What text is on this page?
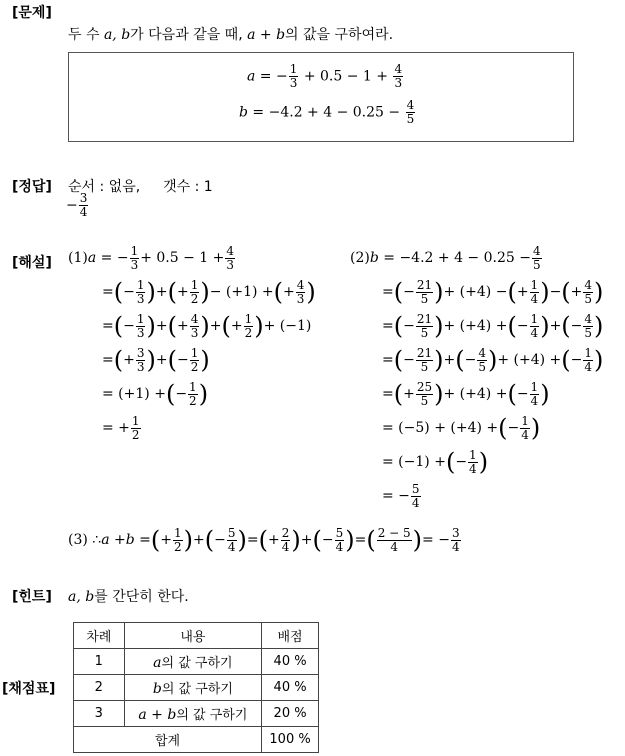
[문제]
두 수 a, b가 다음과 같을 때, a + b의 값을 구하여라.
a = − $\frac{1}{3} + 0.5 - 1 + \frac{4}{3}$
$b = -4.2 + 4 - 0.25 - \frac{4}{5}$
[정답] 순서 : 없음, 갯수 : 1
− $\frac{3}{4}$
[해설] (1) a = − $\frac{1}{3} + 0.5 - 1 + \frac{4}{3}$
= ( − $\frac{1}{3}$ ) + ( + $\frac{1}{2}$ ) − (+1) + ( + $\frac{4}{3}$ )
= ( − $\frac{1}{3}$ ) + ( + $\frac{4}{3}$ ) + ( + $\frac{1}{2}$ ) + (−1)
= ( + $\frac{3}{3}$ ) + ( − $\frac{1}{2}$ )
= (+1) + ( − $\frac{1}{2}$ )
= + $\frac{1}{2}$
(2) $b = -4.2 + 4 - 0.25 - \frac{4}{5}$
= ( − $\frac{21}{5}$ ) + (+4) − ( + $\frac{1}{4}$ ) − ( + $\frac{4}{5}$ )
= ( − $\frac{21}{5}$ ) + (+4) + ( − $\frac{1}{4}$ ) + ( − $\frac{4}{5}$ )
= ( − $\frac{21}{5}$ ) + ( − $\frac{4}{5}$ ) + (+4) + ( − $\frac{1}{4}$ )
= ( + $\frac{25}{5}$ ) + (+4) + ( − $\frac{1}{4}$ )
= (−5) + (+4) + ( − $\frac{1}{4}$ )
= (−1) + ( − $\frac{1}{4}$ )
= − $\frac{5}{4}$
(3) ∴ a + b = ( + $\frac{1}{2}$ ) + ( − $\frac{5}{4}$ ) = ( + $\frac{2}{4}$ ) + ( − $\frac{5}{4}$ ) = ( $\frac{2 - 5}{4}$ ) = − $\frac{3}{4}$
[힌트] a, b를 간단히 한다.
[채점표]
차례	내용	배점
1	a의 값 구하기	40 %
2	b의 값 구하기	40 %
3	a + b의 값 구하기	20 %
합계		100 %
